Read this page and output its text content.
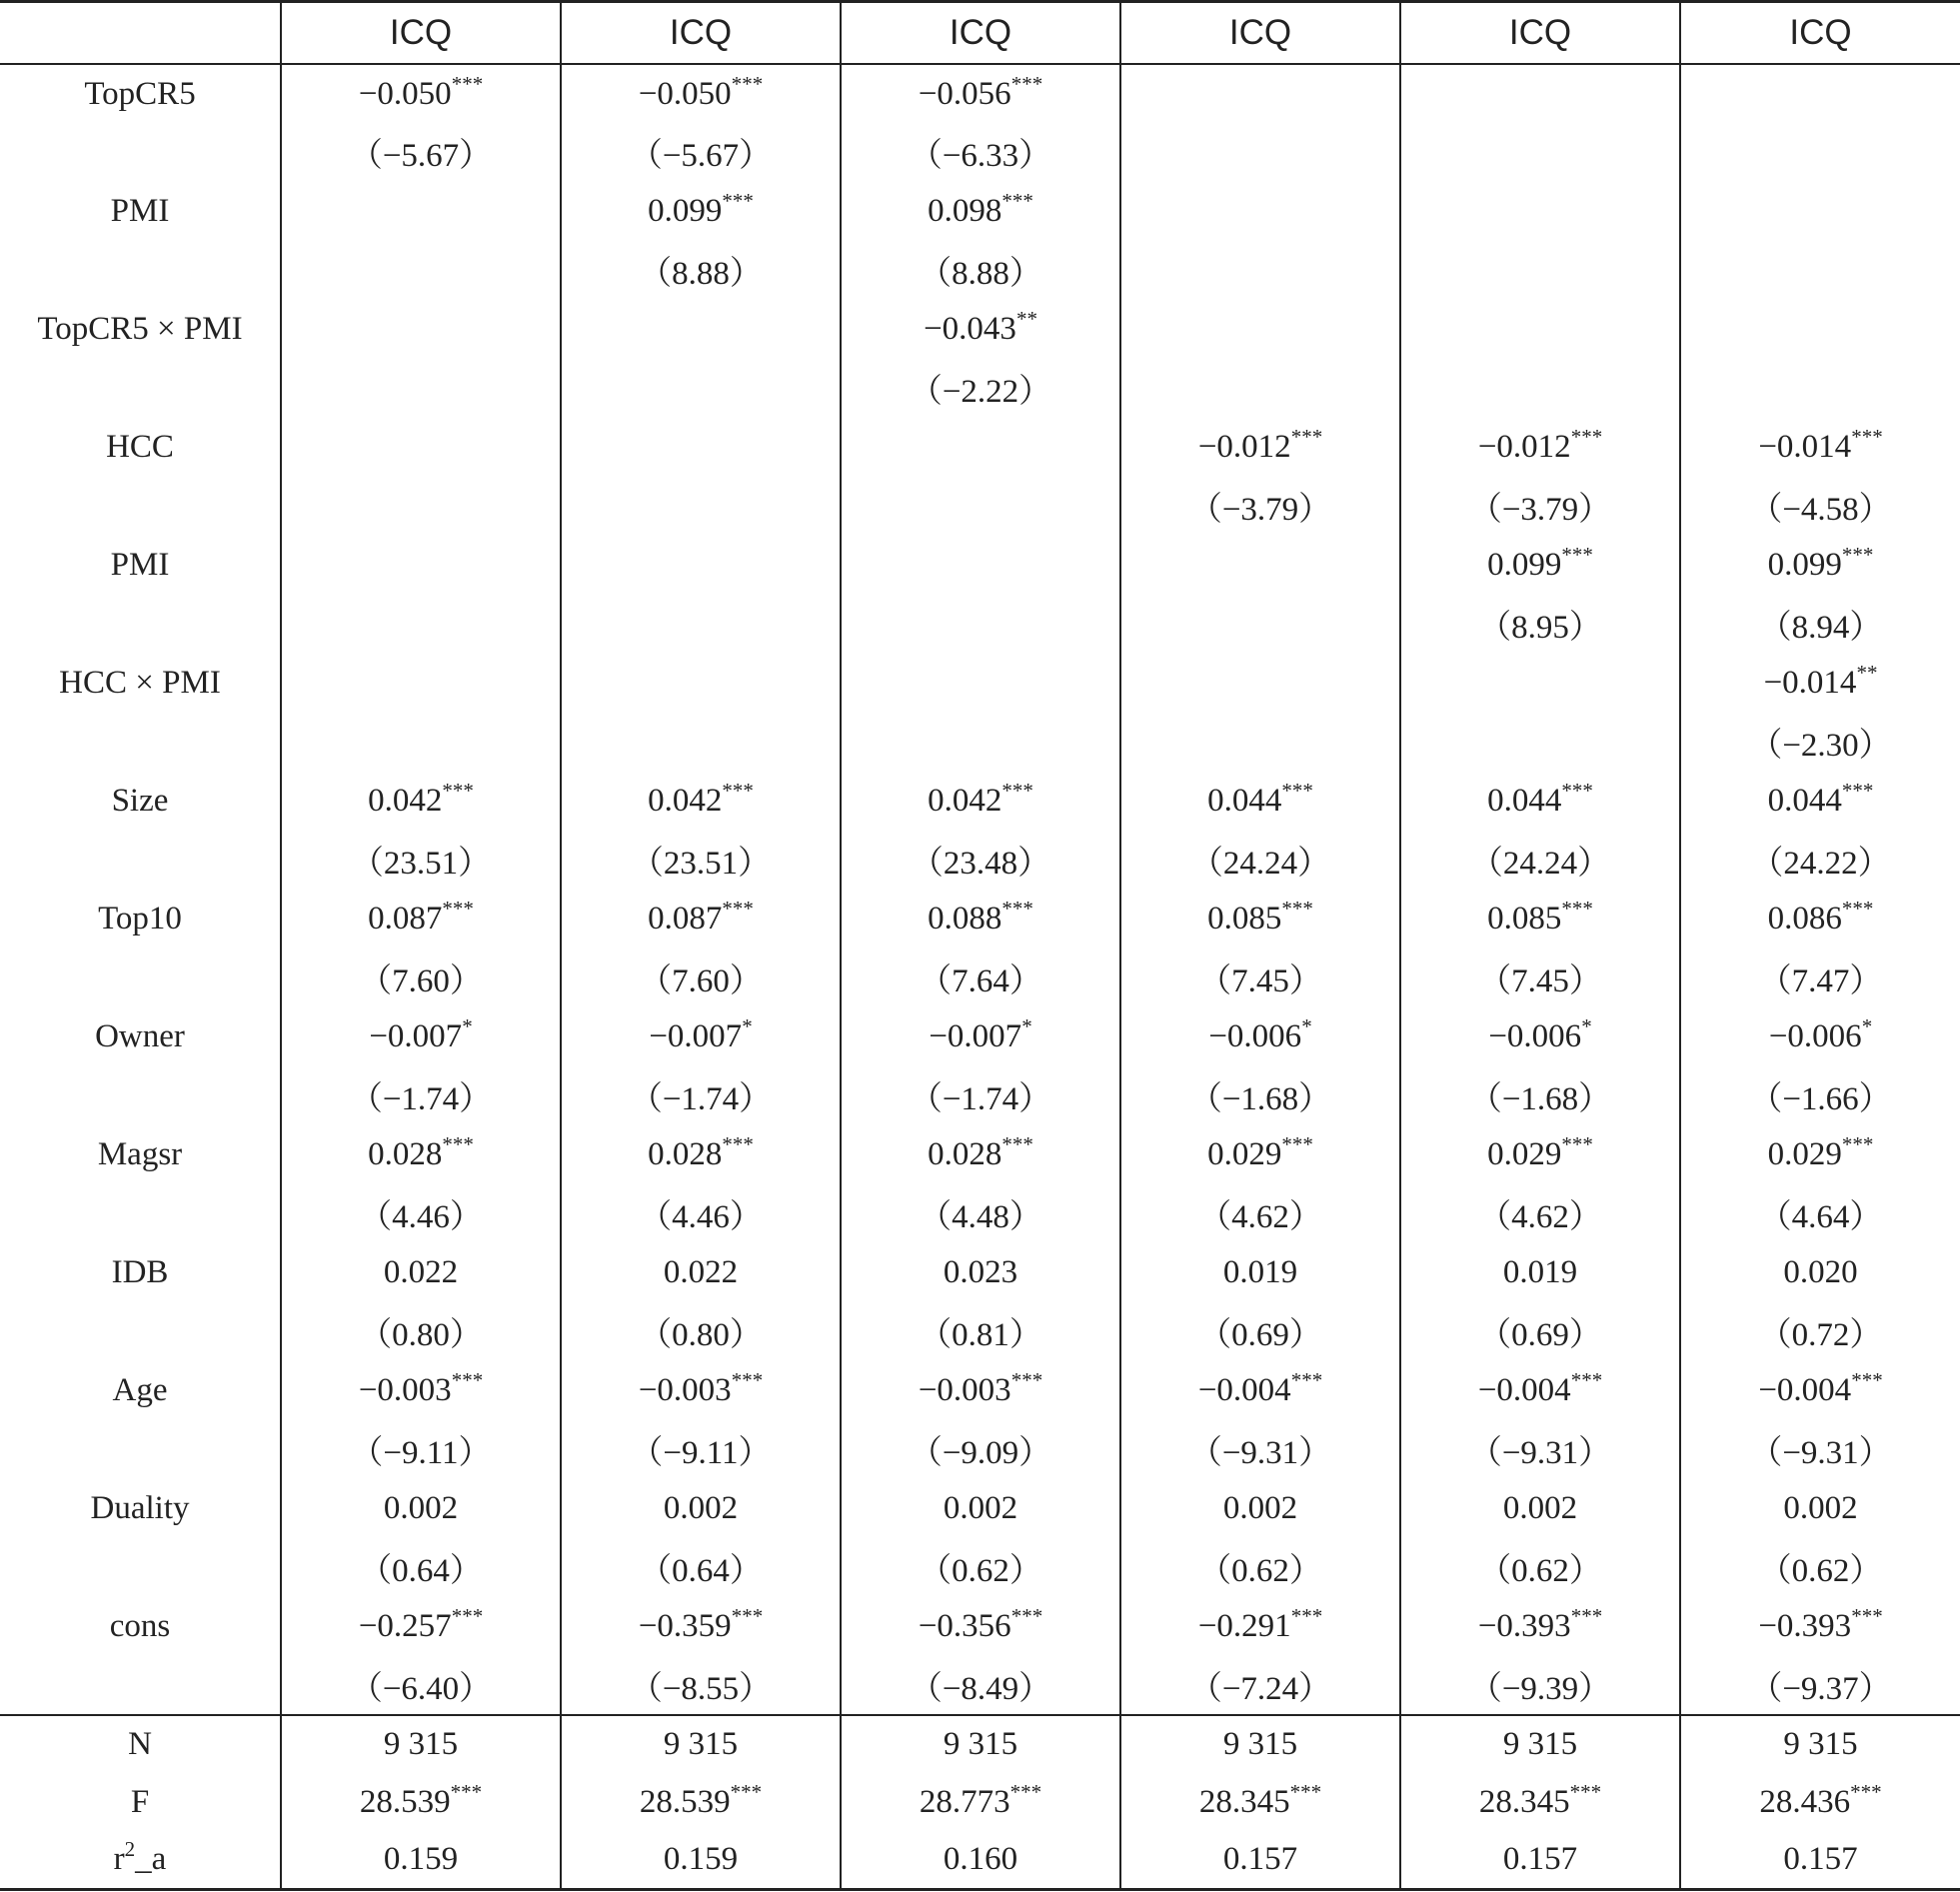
	ICQ	ICQ	ICQ	ICQ	ICQ	ICQ
TopCR5	−0.050***	−0.050***	−0.056***			
	（−5.67）	（−5.67）	（−6.33）			
PMI		0.099***	0.098***			
		（8.88）	（8.88）			
TopCR5 × PMI			−0.043**			
			（−2.22）			
HCC				−0.012***	−0.012***	−0.014***
				（−3.79）	（−3.79）	（−4.58）
PMI					0.099***	0.099***
					（8.95）	（8.94）
HCC × PMI						−0.014**
						（−2.30）
Size	0.042***	0.042***	0.042***	0.044***	0.044***	0.044***
	（23.51）	（23.51）	（23.48）	（24.24）	（24.24）	（24.22）
Top10	0.087***	0.087***	0.088***	0.085***	0.085***	0.086***
	（7.60）	（7.60）	（7.64）	（7.45）	（7.45）	（7.47）
Owner	−0.007*	−0.007*	−0.007*	−0.006*	−0.006*	−0.006*
	（−1.74）	（−1.74）	（−1.74）	（−1.68）	（−1.68）	（−1.66）
Magsr	0.028***	0.028***	0.028***	0.029***	0.029***	0.029***
	（4.46）	（4.46）	（4.48）	（4.62）	（4.62）	（4.64）
IDB	0.022	0.022	0.023	0.019	0.019	0.020
	（0.80）	（0.80）	（0.81）	（0.69）	（0.69）	（0.72）
Age	−0.003***	−0.003***	−0.003***	−0.004***	−0.004***	−0.004***
	（−9.11）	（−9.11）	（−9.09）	（−9.31）	（−9.31）	（−9.31）
Duality	0.002	0.002	0.002	0.002	0.002	0.002
	（0.64）	（0.64）	（0.62）	（0.62）	（0.62）	（0.62）
cons	−0.257***	−0.359***	−0.356***	−0.291***	−0.393***	−0.393***
	（−6.40）	（−8.55）	（−8.49）	（−7.24）	（−9.39）	（−9.37）
N	9 315	9 315	9 315	9 315	9 315	9 315
F	28.539***	28.539***	28.773***	28.345***	28.345***	28.436***
$r^2\_a$	0.159	0.159	0.160	0.157	0.157	0.157
